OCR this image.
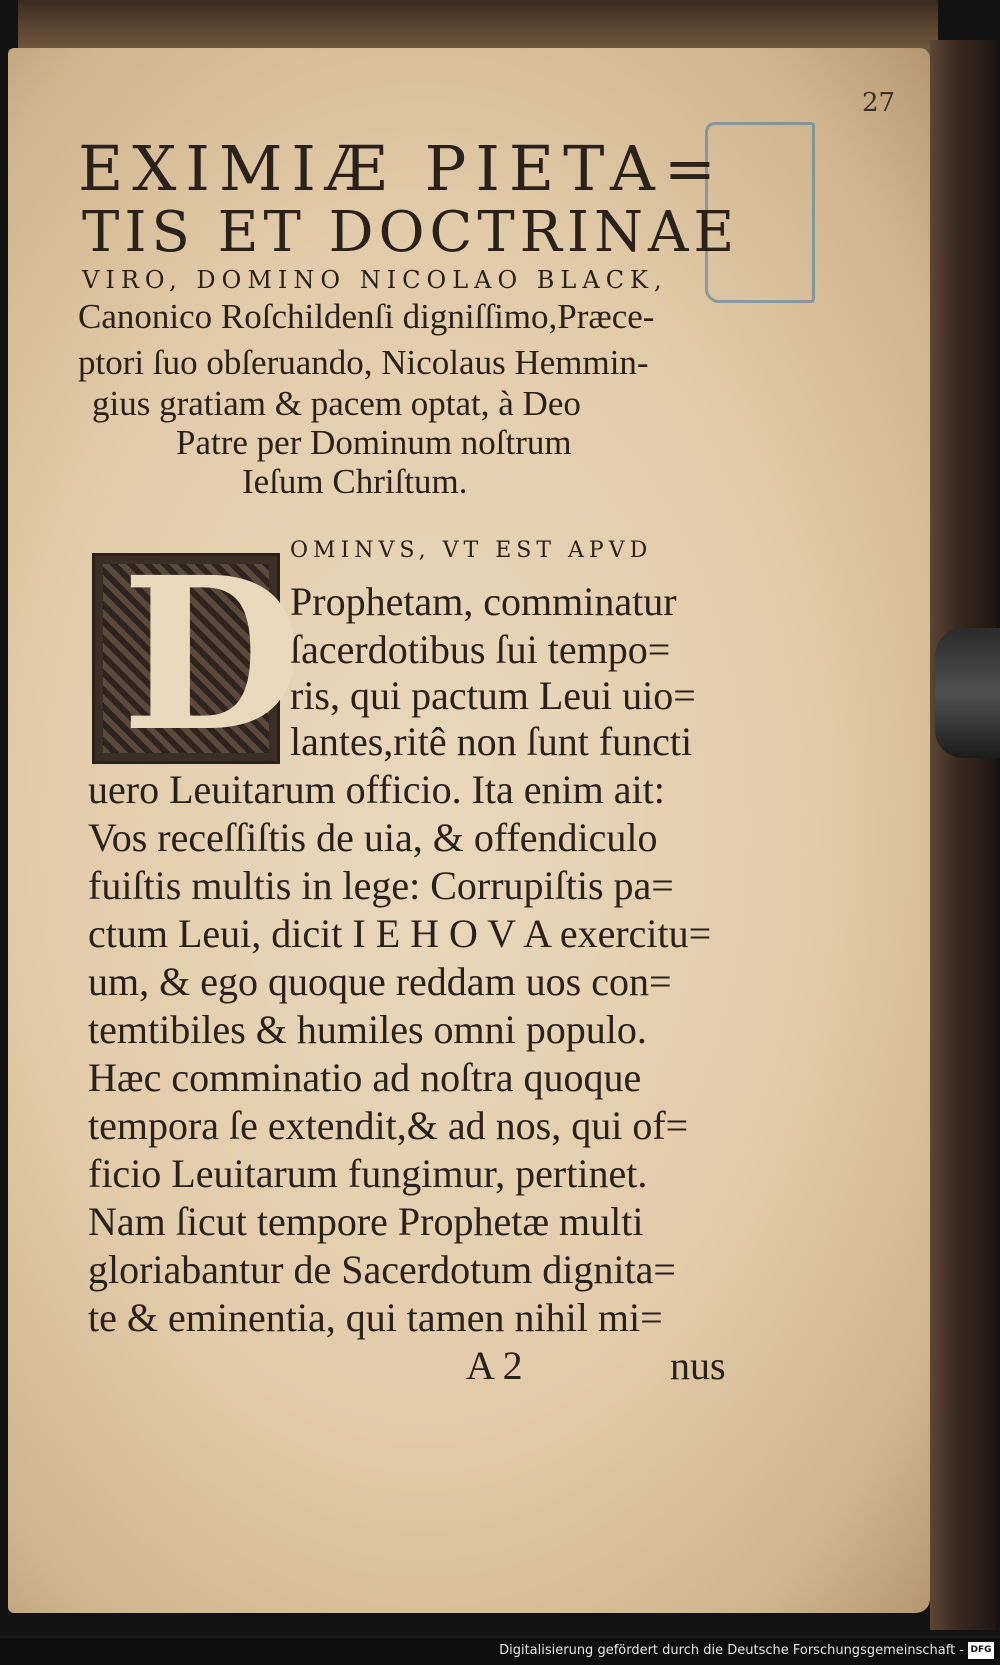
27
EXIMIÆ PIETA=
TIS ET DOCTRINAE
VIRO, DOMINO NICOLAO BLACK,
Canonico Roſchildenſi digniſſimo,Præce-
ptori ſuo obſeruando, Nicolaus Hemmin-
gius gratiam & pacem optat, à Deo
Patre per Dominum noſtrum
Ieſum Chriſtum.
D
OMINVS, VT EST APVD
Prophetam, comminatur
ſacerdotibus ſui tempo=
ris, qui pactum Leui uio=
lantes,ritê non ſunt functi
uero Leuitarum officio. Ita enim ait:
Vos receſſiſtis de uia, & offendiculo
fuiſtis multis in lege: Corrupiſtis pa=
ctum Leui, dicit I E H O V A exercitu=
um, & ego quoque reddam uos con=
temtibiles & humiles omni populo.
Hæc comminatio ad noſtra quoque
tempora ſe extendit,& ad nos, qui of=
ficio Leuitarum fungimur, pertinet.
Nam ſicut tempore Prophetæ multi
gloriabantur de Sacerdotum dignita=
te & eminentia, qui tamen nihil mi=
A 2	nus
Digitalisierung gefördert durch die Deutsche Forschungsgemeinschaft - DFG
